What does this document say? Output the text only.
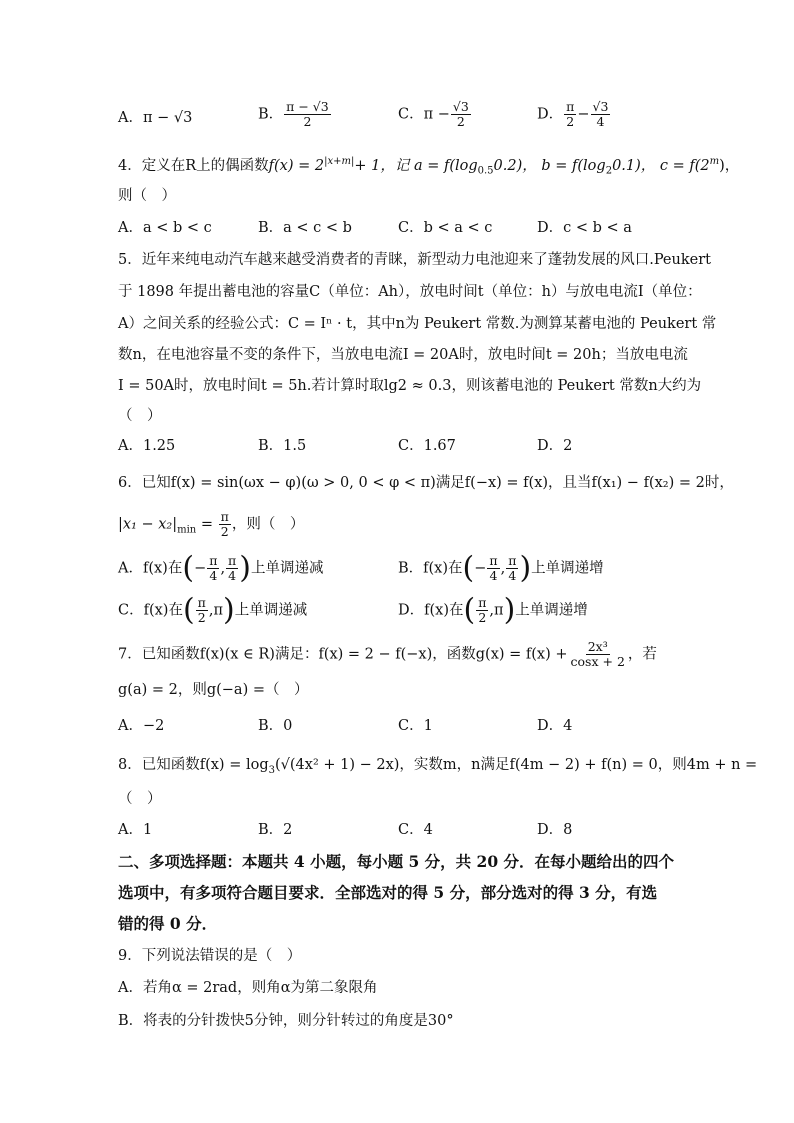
A．π − √3	B． $\frac{\pi - √3}{2}$	C．$\pi - \frac{√3}{2}$	D． $\frac{\pi}{2} - \frac{√3}{4}$
4．定义在R上的偶函数$f(x) = 2^{|x+m|}+ 1$，记 $a = f(\log_{0.5}0.2)$， $b = f(\log_20.1)$， $c = f(2^m)$，
则（　）
A．a < b < c	B．a < c < b	C．b < a < c	D．c < b < a
5．近年来纯电动汽车越来越受消费者的青睐，新型动力电池迎来了蓬勃发展的风口.Peukert
于 1898 年提出蓄电池的容量C（单位：Ah），放电时间t（单位：h）与放电电流I（单位：
A）之间关系的经验公式：C = Iⁿ · t，其中n为 Peukert 常数.为测算某蓄电池的 Peukert 常
数n，在电池容量不变的条件下，当放电电流I = 20A时，放电时间t = 20h；当放电电流
I = 50A时，放电时间t = 5h.若计算时取lg2 ≈ 0.3，则该蓄电池的 Peukert 常数n大约为
（　）
A．1.25	B．1.5	C．1.67	D．2
6．已知f(x) = sin(ωx − φ)(ω > 0, 0 < φ < π)满足f(−x) = f(x)，且当f(x₁) − f(x₂) = 2时，
$|x_1 - x_2|_{min} = \frac{\pi}{2}$ ，则（　）
A．f(x)在(− $\frac{\pi}{4}$ , $\frac{\pi}{4}$ )上单调递减	B．f(x)在(− $\frac{\pi}{4}$ , $\frac{\pi}{4}$ )上单调递增
C．f(x)在( $\frac{\pi}{2} ,\pi$)上单调递减	D．f(x)在( $\frac{\pi}{2} ,\pi$)上单调递增
7．已知函数f(x)(x ∈ R)满足：f(x) = 2 − f(−x)，函数$g(x) = f(x) + \frac{\text{2x³}}{\cos x + 2}$ ，若
g(a) = 2，则g(−a) =（　）
A．−2	B．0	C．1	D．4
8．已知函数$f(x) = \log_3(√(4x^2 + 1) - 2x)$，实数m，n满足f(4m − 2) + f(n) = 0，则4m + n =
（　）
A．1	B．2	C．4	D．8
二、多项选择题：本题共 4 小题，每小题 5 分，共 20 分．在每小题给出的四个
选项中，有多项符合题目要求．全部选对的得 5 分，部分选对的得 3 分，有选
错的得 0 分．
9．下列说法错误的是（　）
A．若角α = 2rad，则角α为第二象限角
B．将表的分针拨快5分钟，则分针转过的角度是30°
